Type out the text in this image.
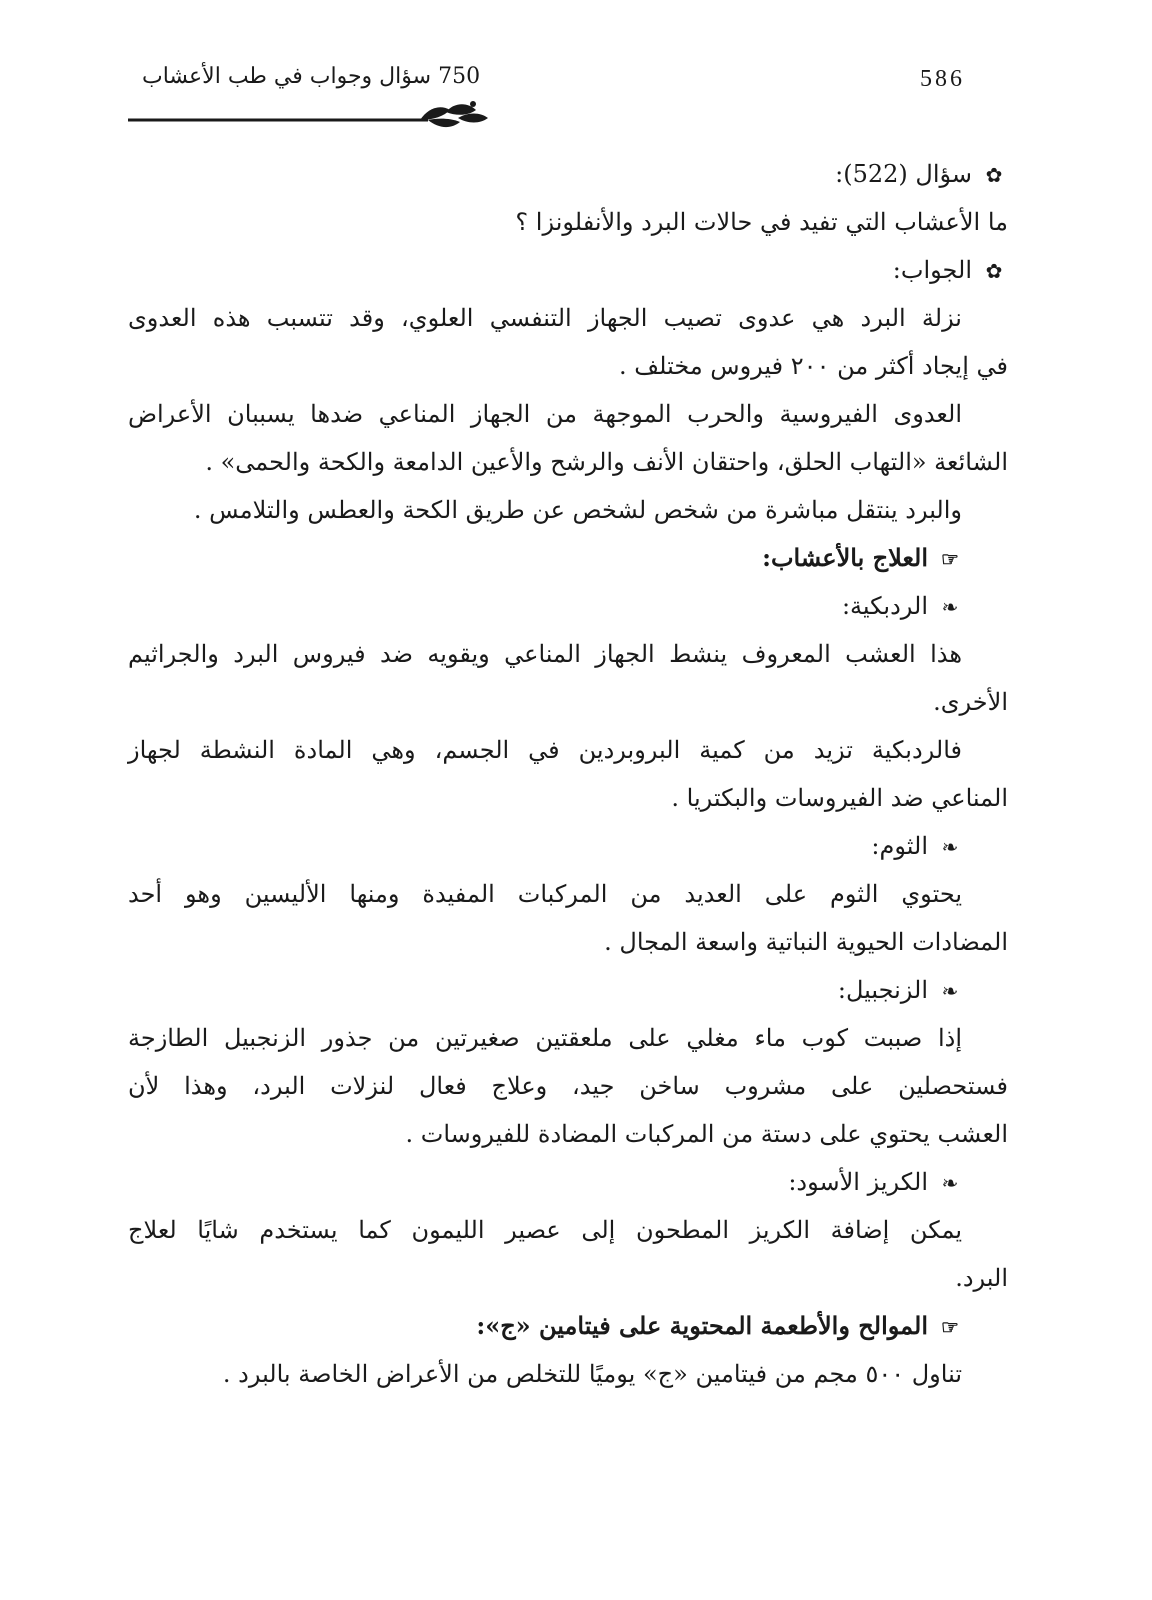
586
750 سؤال وجواب في طب الأعشاب
✿سؤال (522):
ما الأعشاب التي تفيد في حالات البرد والأنفلونزا ؟
✿الجواب:
نزلة البرد هي عدوى تصيب الجهاز التنفسي العلوي، وقد تتسبب هذه العدوى
في إيجاد أكثر من ٢٠٠ فيروس مختلف .
العدوى الفيروسية والحرب الموجهة من الجهاز المناعي ضدها يسببان الأعراض
الشائعة «التهاب الحلق، واحتقان الأنف والرشح والأعين الدامعة والكحة والحمى» .
والبرد ينتقل مباشرة من شخص لشخص عن طريق الكحة والعطس والتلامس .
☞العلاج بالأعشاب:
❧الردبكية:
هذا العشب المعروف ينشط الجهاز المناعي ويقويه ضد فيروس البرد والجراثيم
الأخرى.
فالردبكية تزيد من كمية البروبردين في الجسم، وهي المادة النشطة لجهاز
المناعي ضد الفيروسات والبكتريا .
❧الثوم:
يحتوي الثوم على العديد من المركبات المفيدة ومنها الأليسين وهو أحد
المضادات الحيوية النباتية واسعة المجال .
❧الزنجبيل:
إذا صببت كوب ماء مغلي على ملعقتين صغيرتين من جذور الزنجبيل الطازجة
فستحصلين على مشروب ساخن جيد، وعلاج فعال لنزلات البرد، وهذا لأن
العشب يحتوي على دستة من المركبات المضادة للفيروسات .
❧الكريز الأسود:
يمكن إضافة الكريز المطحون إلى عصير الليمون كما يستخدم شايًا لعلاج
البرد.
☞الموالح والأطعمة المحتوية على فيتامين «ج»:
تناول ٥٠٠ مجم من فيتامين «ج» يوميًا للتخلص من الأعراض الخاصة بالبرد .
